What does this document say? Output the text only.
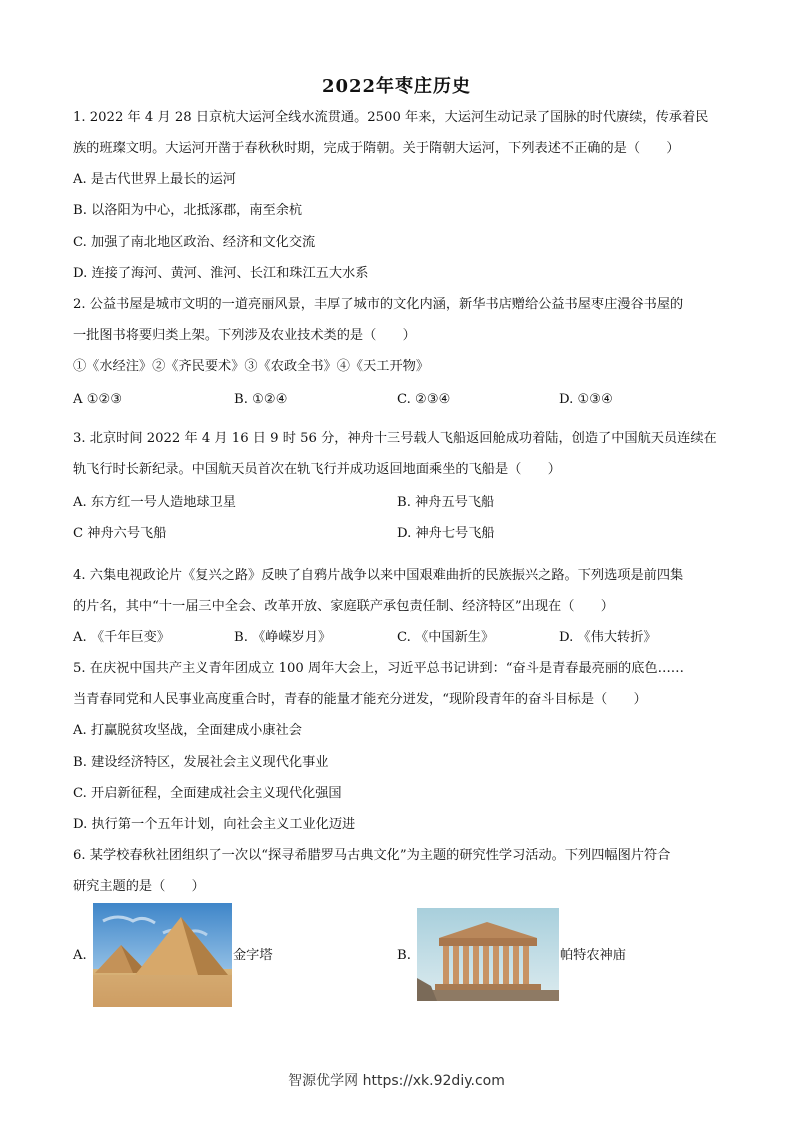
2022年枣庄历史
1. 2022 年 4 月 28 日京杭大运河全线水流贯通。2500 年来，大运河生动记录了国脉的时代赓续，传承着民
族的班璨文明。大运河开凿于春秋秋时期，完成于隋朝。关于隋朝大运河，下列表述不正确的是（　　）
A. 是古代世界上最长的运河
B. 以洛阳为中心，北抵涿郡，南至余杭
C. 加强了南北地区政治、经济和文化交流
D. 连接了海河、黄河、淮河、长江和珠江五大水系
2. 公益书屋是城市文明的一道亮丽风景，丰厚了城市的文化内涵，新华书店赠给公益书屋枣庄漫谷书屋的
一批图书将要归类上架。下列涉及农业技术类的是（　　）
①《水经注》②《齐民要术》③《农政全书》④《天工开物》
A ①②③	B. ①②④	C. ②③④	D. ①③④
3. 北京时间 2022 年 4 月 16 日 9 时 56 分，神舟十三号载人飞船返回舱成功着陆，创造了中国航天员连续在
轨飞行时长新纪录。中国航天员首次在轨飞行并成功返回地面乘坐的飞船是（　　）
A. 东方红一号人造地球卫星	B. 神舟五号飞船
C 神舟六号飞船	D. 神舟七号飞船
4. 六集电视政论片《复兴之路》反映了自鸦片战争以来中国艰难曲折的民族振兴之路。下列选项是前四集
的片名，其中“十一届三中全会、改革开放、家庭联产承包责任制、经济特区”出现在（　　）
A. 《千年巨变》	B. 《峥嵘岁月》	C. 《中国新生》	D. 《伟大转折》
5. 在庆祝中国共产主义青年团成立 100 周年大会上，习近平总书记讲到：“奋斗是青春最亮丽的底色……
当青春同党和人民事业高度重合时，青春的能量才能充分迸发，“现阶段青年的奋斗目标是（　　）
A. 打赢脱贫攻坚战，全面建成小康社会
B. 建设经济特区，发展社会主义现代化事业
C. 开启新征程，全面建成社会主义现代化强国
D. 执行第一个五年计划，向社会主义工业化迈进
6. 某学校春秋社团组织了一次以“探寻希腊罗马古典文化”为主题的研究性学习活动。下列四幅图片符合
研究主题的是（　　）
A.	金字塔	B.	帕特农神庙
智源优学网 https://xk.92diy.com
